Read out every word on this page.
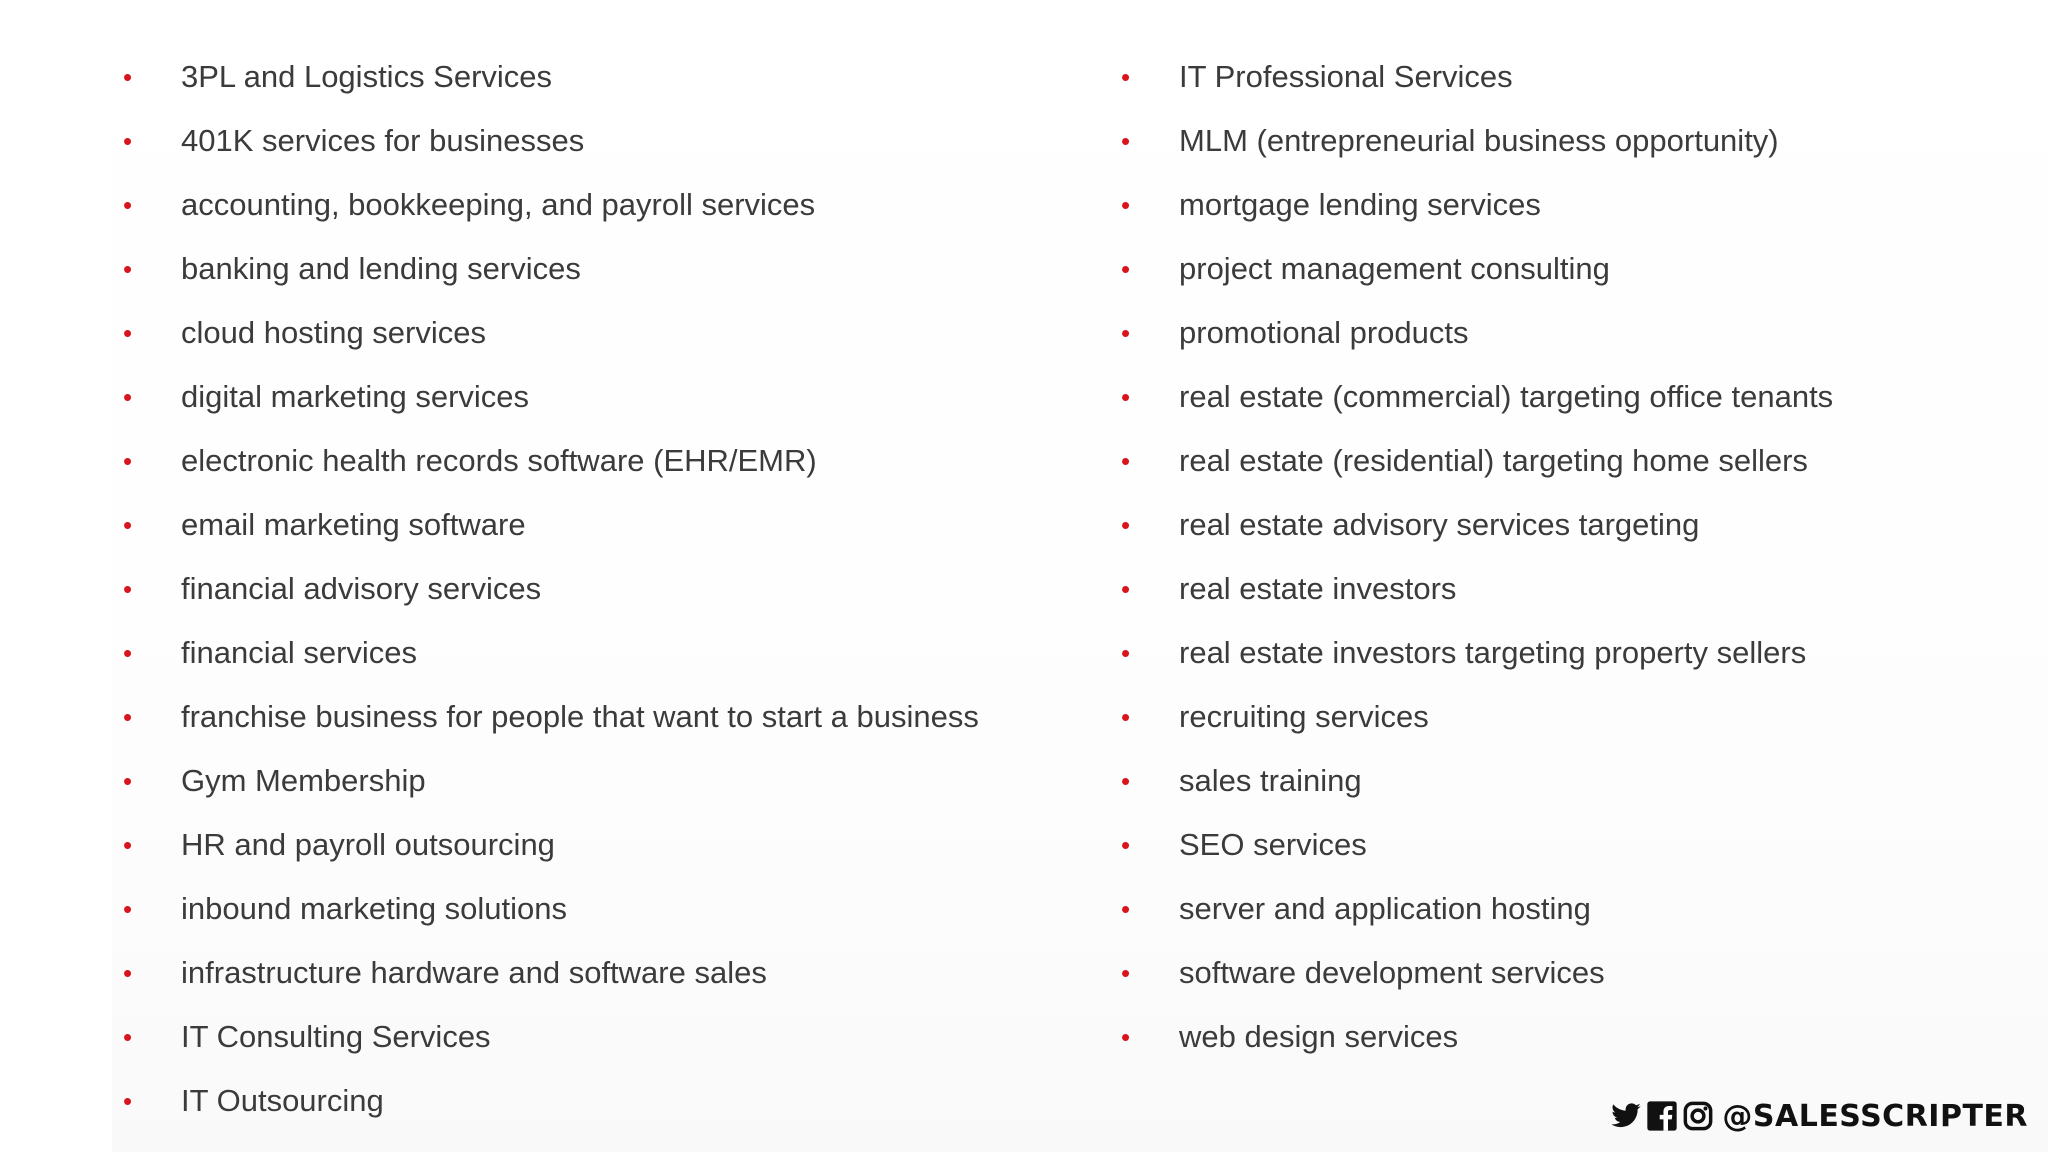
• 3PL and Logistics Services
• 401K services for businesses
• accounting, bookkeeping, and payroll services
• banking and lending services
• cloud hosting services
• digital marketing services
• electronic health records software (EHR/EMR)
• email marketing software
• financial advisory services
• financial services
• franchise business for people that want to start a business
• Gym Membership
• HR and payroll outsourcing
• inbound marketing solutions
• infrastructure hardware and software sales
• IT Consulting Services
• IT Outsourcing
• IT Professional Services
• MLM (entrepreneurial business opportunity)
• mortgage lending services
• project management consulting
• promotional products
• real estate (commercial) targeting office tenants
• real estate (residential) targeting home sellers
• real estate advisory services targeting
• real estate investors
• real estate investors targeting property sellers
• recruiting services
• sales training
• SEO services
• server and application hosting
• software development services
• web design services
@SALESSCRIPTER
